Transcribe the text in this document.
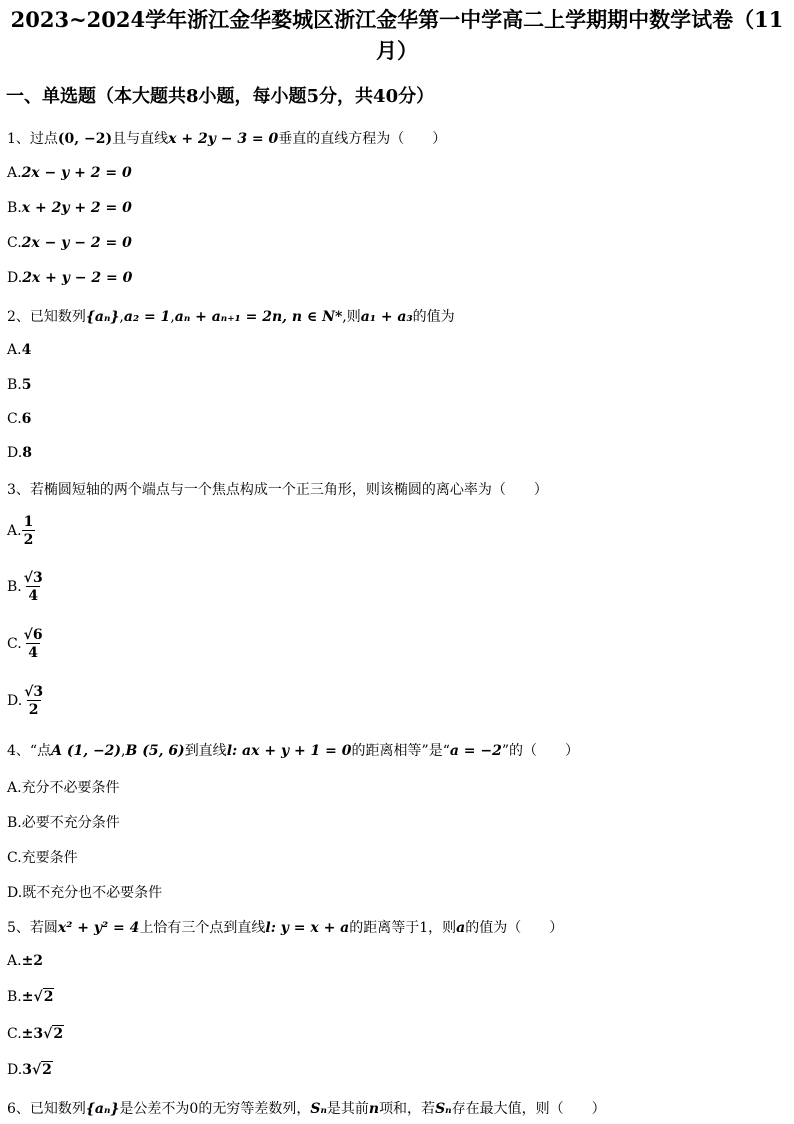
2023~2024学年浙江金华婺城区浙江金华第一中学高二上学期期中数学试卷（11月）
一、单选题（本大题共8小题，每小题5分，共40分）
1、过点(0, −2)且与直线x + 2y − 3 = 0垂直的直线方程为（　　）
A.2x − y + 2 = 0
B.x + 2y + 2 = 0
C.2x − y − 2 = 0
D.2x + y − 2 = 0
2、已知数列{aₙ},a₂ = 1,aₙ + aₙ₊₁ = 2n, n ∈ N*,则a₁ + a₃的值为
A.4
B.5
C.6
D.8
3、若椭圆短轴的两个端点与一个焦点构成一个正三角形，则该椭圆的离心率为（　　）
A. $\frac{1}{2}$
B. $\frac{√3}{4}$
C. $\frac{√6}{4}$
D. $\frac{√3}{2}$
4、“点A (1, −2),B (5, 6)到直线l: ax + y + 1 = 0的距离相等”是“a = −2”的（　　）
A.充分不必要条件
B.必要不充分条件
C.充要条件
D.既不充分也不必要条件
5、若圆x² + y² = 4上恰有三个点到直线l: y = x + a的距离等于1，则a的值为（　　）
A.±2
B.±√2
C.±3√2
D.3√2
6、已知数列{aₙ}是公差不为0的无穷等差数列，Sₙ是其前n项和，若Sₙ存在最大值，则（　　）
